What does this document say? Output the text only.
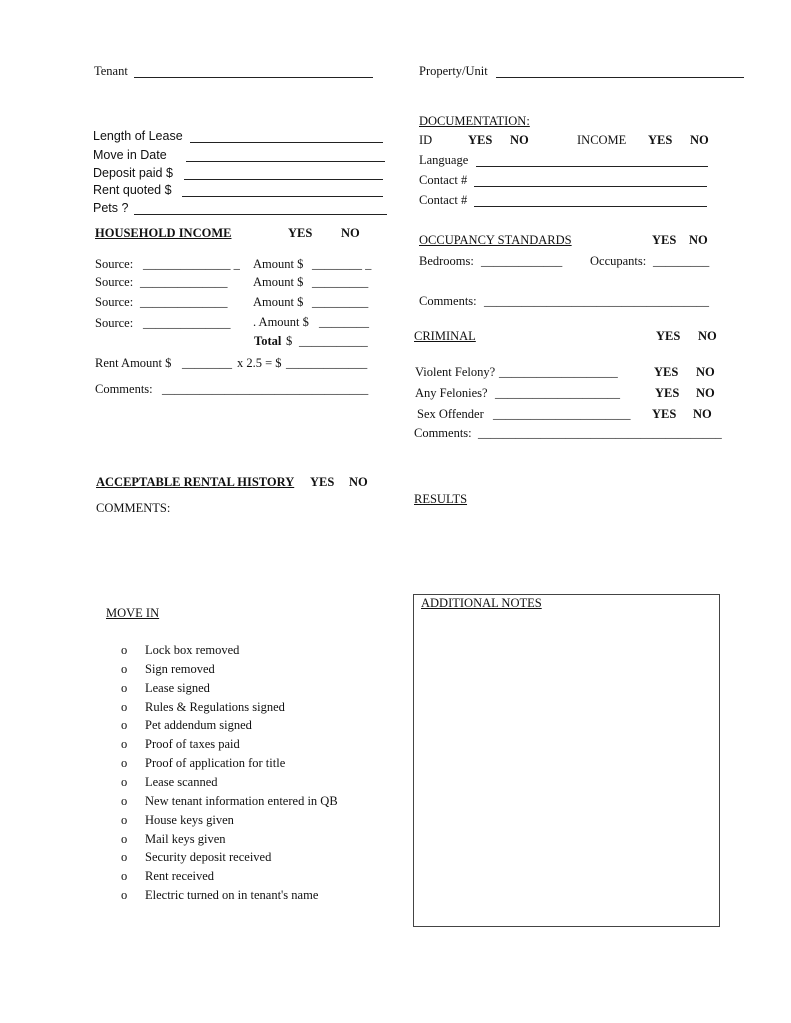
Tenant	Property/Unit
Length of Lease
Move in Date
Deposit paid $
Rent quoted $
Pets ?
HOUSEHOLD INCOME	YES NO
Source: ______________ _ Amount $ ________ _
Source: ______________ Amount $ _________
Source: ______________ Amount $ _________
Source: ______________ . Amount $ ________
Total $ ___________
Rent Amount $ ________ x 2.5 = $ _____________
Comments: _________________________________
DOCUMENTATION:
ID	YES NO	INCOME YES NO
Language
Contact #
Contact #
OCCUPANCY STANDARDS	YES NO
Bedrooms: _____________ Occupants: _________
Comments: ____________________________________
CRIMINAL	YES NO
Violent Felony? ___________________	YES NO
Any Felonies? ____________________	YES NO
Sex Offender ______________________ YES NO
Comments: _______________________________________
ACCEPTABLE RENTAL HISTORY YES NO
COMMENTS:
RESULTS
MOVE IN
o Lock box removed
o Sign removed
o Lease signed
o Rules & Regulations signed
o Pet addendum signed
o Proof of taxes paid
o Proof of application for title
o Lease scanned
o New tenant information entered in QB
o House keys given
o Mail keys given
o Security deposit received
o Rent received
o Electric turned on in tenant's name
ADDITIONAL NOTES
